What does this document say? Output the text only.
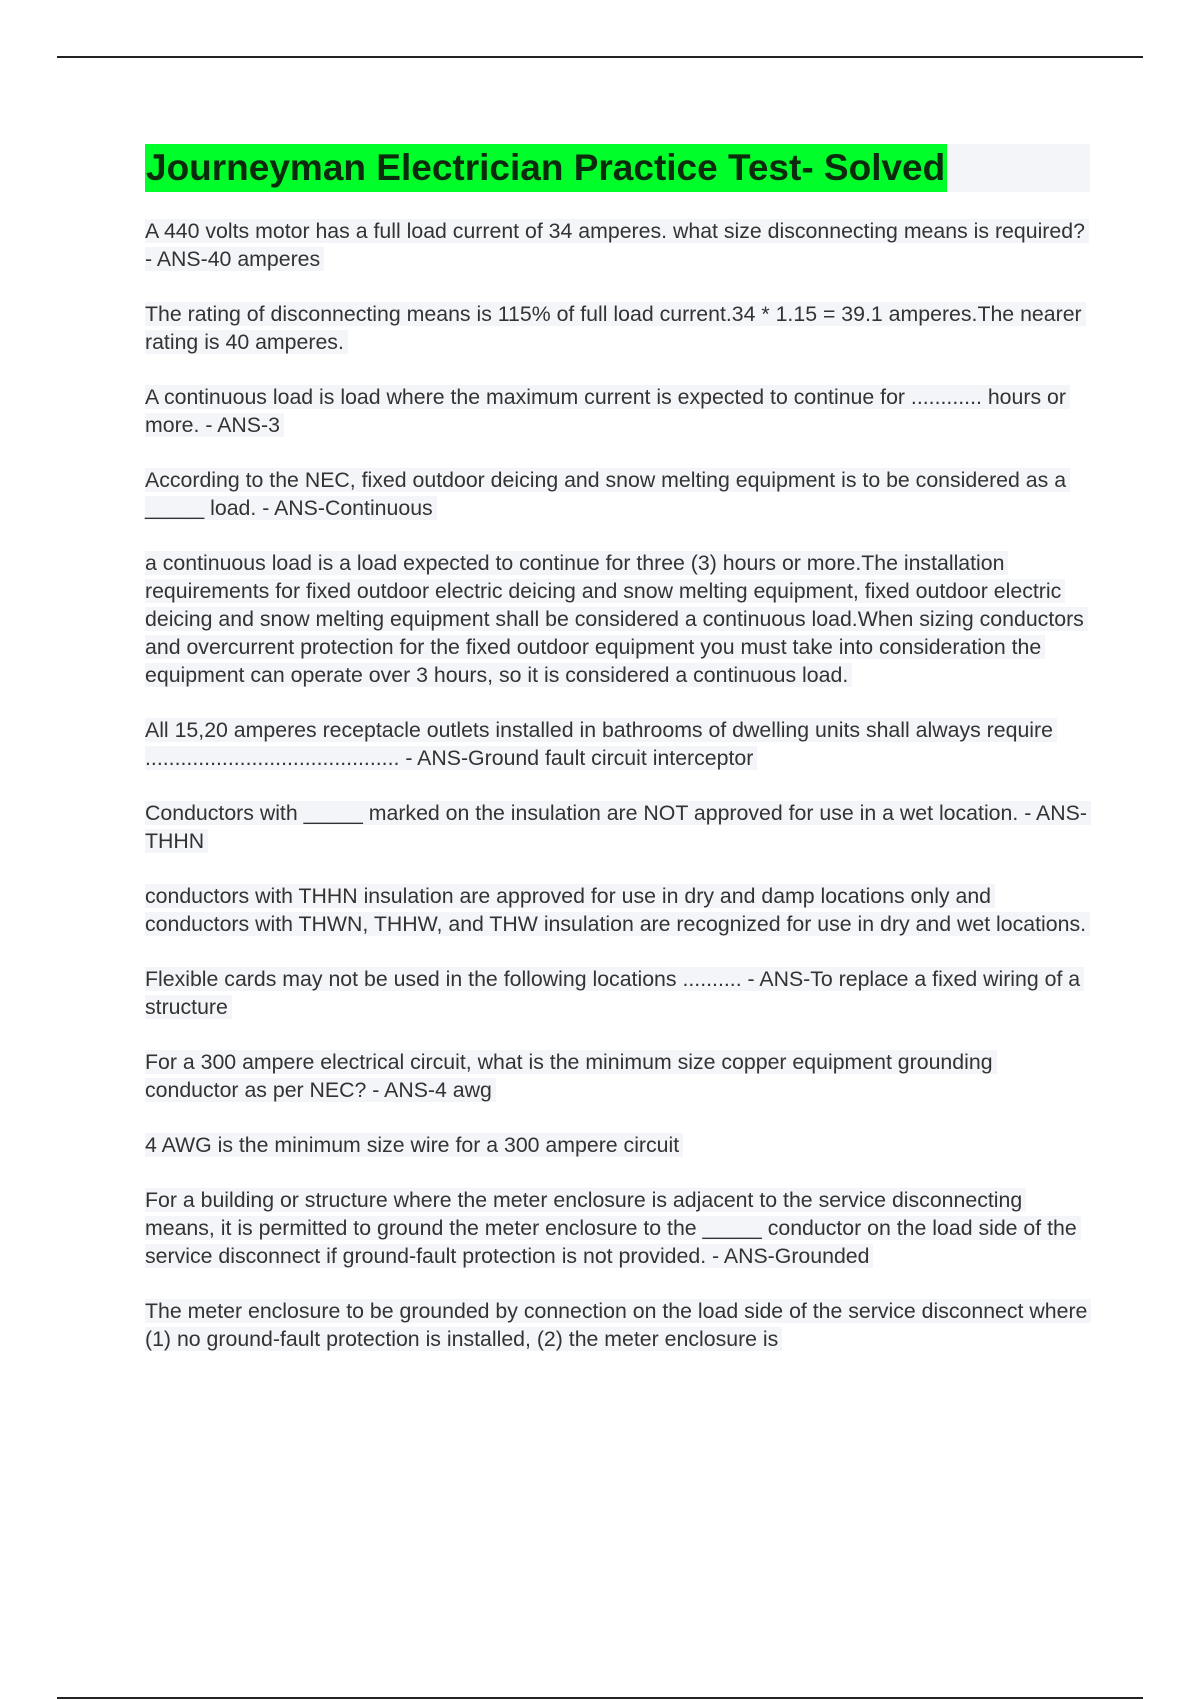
Journeyman Electrician Practice Test- Solved
A 440 volts motor has a full load current of 34 amperes. what size disconnecting means is required? - ANS-40 amperes
The rating of disconnecting means is 115% of full load current.34 * 1.15 = 39.1 amperes.The nearer rating is 40 amperes.
A continuous load is load where the maximum current is expected to continue for ............ hours or more. - ANS-3
According to the NEC, fixed outdoor deicing and snow melting equipment is to be considered as a _____ load. - ANS-Continuous
a continuous load is a load expected to continue for three (3) hours or more.The installation requirements for fixed outdoor electric deicing and snow melting equipment, fixed outdoor electric deicing and snow melting equipment shall be considered a continuous load.When sizing conductors and overcurrent protection for the fixed outdoor equipment you must take into consideration the equipment can operate over 3 hours, so it is considered a continuous load.
All 15,20 amperes receptacle outlets installed in bathrooms of dwelling units shall always require ........................................... - ANS-Ground fault circuit interceptor
Conductors with _____ marked on the insulation are NOT approved for use in a wet location. - ANS-THHN
conductors with THHN insulation are approved for use in dry and damp locations only and conductors with THWN, THHW, and THW insulation are recognized for use in dry and wet locations.
Flexible cards may not be used in the following locations .......... - ANS-To replace a fixed wiring of a structure
For a 300 ampere electrical circuit, what is the minimum size copper equipment grounding conductor as per NEC? - ANS-4 awg
4 AWG is the minimum size wire for a 300 ampere circuit
For a building or structure where the meter enclosure is adjacent to the service disconnecting means, it is permitted to ground the meter enclosure to the _____ conductor on the load side of the service disconnect if ground-fault protection is not provided. - ANS-Grounded
The meter enclosure to be grounded by connection on the load side of the service disconnect where (1) no ground-fault protection is installed, (2) the meter enclosure is
